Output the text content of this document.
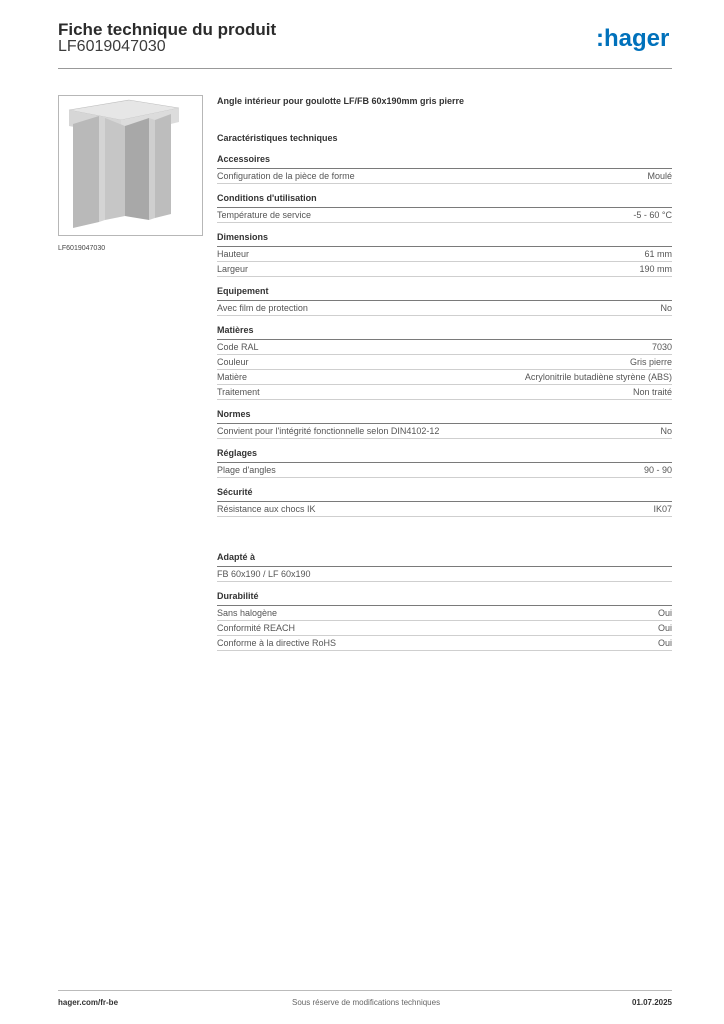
Fiche technique du produit
LF6019047030	:hager
LF6019047030
Angle intérieur pour goulotte LF/FB 60x190mm gris pierre
Caractéristiques techniques
Accessoires
Configuration de la pièce de forme	Moulé
Conditions d'utilisation
Température de service	-5 - 60 °C
Dimensions
Hauteur	61 mm
Largeur	190 mm
Equipement
Avec film de protection	No
Matières
Code RAL	7030
Couleur	Gris pierre
Matière	Acrylonitrile butadiène styrène (ABS)
Traitement	Non traité
Normes
Convient pour l'intégrité fonctionnelle selon DIN4102-12	No
Réglages
Plage d'angles	90 - 90
Sécurité
Résistance aux chocs IK	IK07
Adapté à
FB 60x190 / LF 60x190
Durabilité
Sans halogène	Oui
Conformité REACH	Oui
Conforme à la directive RoHS	Oui
hager.com/fr-be	Sous réserve de modifications techniques	01.07.2025
